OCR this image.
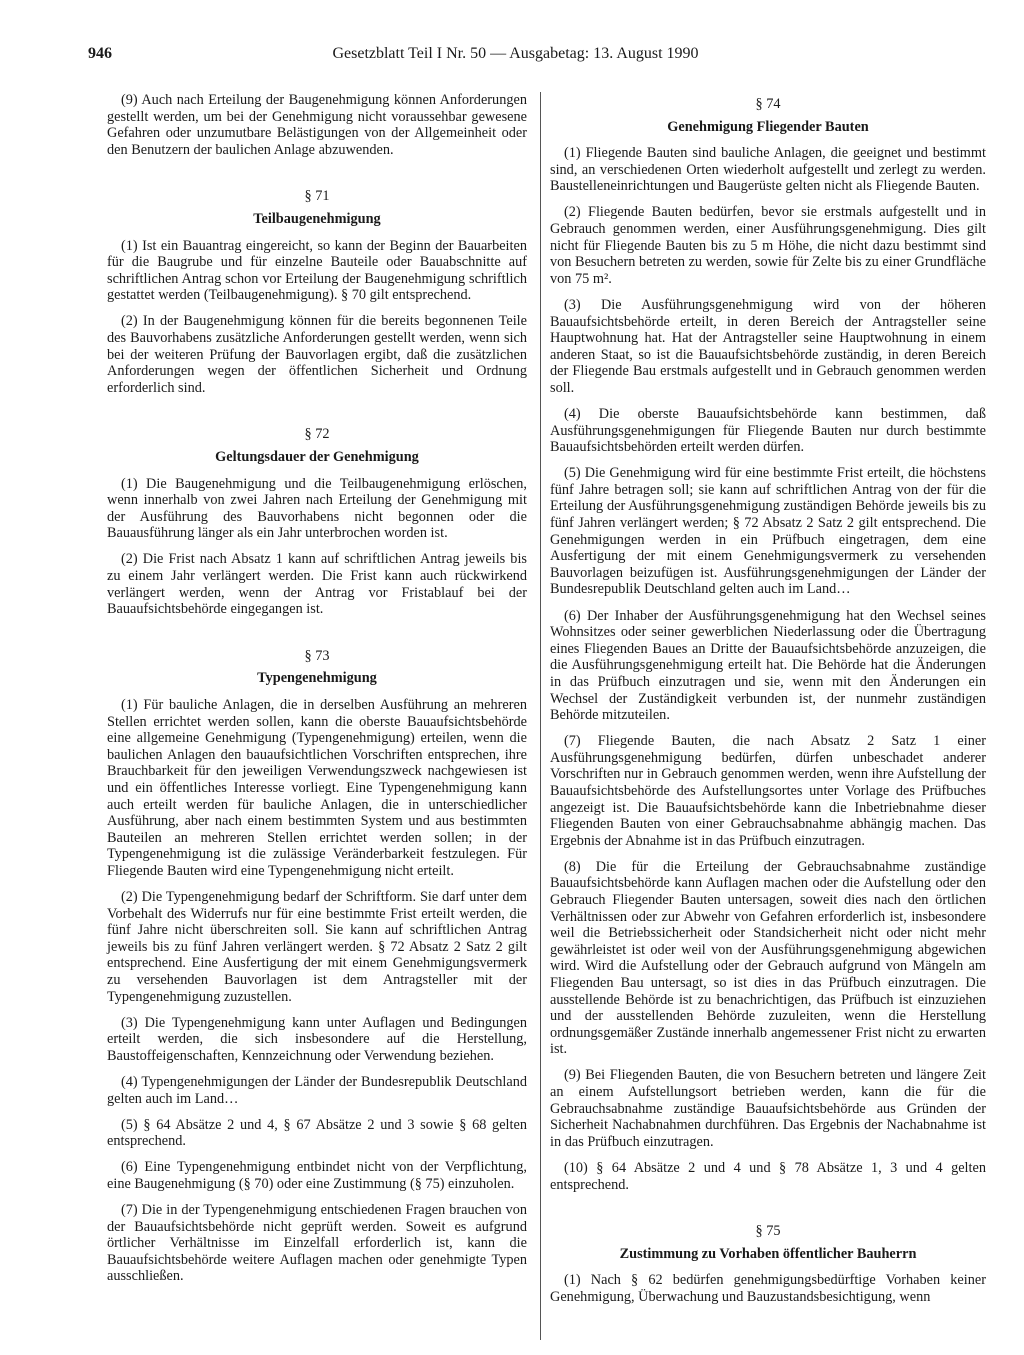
946	Gesetzblatt Teil I Nr. 50 — Ausgabetag: 13. August 1990

(9) Auch nach Erteilung der Baugenehmigung können Anforderungen gestellt werden, um bei der Genehmigung nicht voraussehbar gewesene Gefahren oder unzumutbare Belästigungen von der Allgemeinheit oder den Benutzern der baulichen Anlage abzuwenden.

§ 71
Teilbaugenehmigung

(1) Ist ein Bauantrag eingereicht, so kann der Beginn der Bauarbeiten für die Baugrube und für einzelne Bauteile oder Bauabschnitte auf schriftlichen Antrag schon vor Erteilung der Baugenehmigung schriftlich gestattet werden (Teilbaugenehmigung). § 70 gilt entsprechend.

(2) In der Baugenehmigung können für die bereits begonnenen Teile des Bauvorhabens zusätzliche Anforderungen gestellt werden, wenn sich bei der weiteren Prüfung der Bauvorlagen ergibt, daß die zusätzlichen Anforderungen wegen der öffentlichen Sicherheit und Ordnung erforderlich sind.

§ 72
Geltungsdauer der Genehmigung

(1) Die Baugenehmigung und die Teilbaugenehmigung erlöschen, wenn innerhalb von zwei Jahren nach Erteilung der Genehmigung mit der Ausführung des Bauvorhabens nicht begonnen oder die Bauausführung länger als ein Jahr unterbrochen worden ist.

(2) Die Frist nach Absatz 1 kann auf schriftlichen Antrag jeweils bis zu einem Jahr verlängert werden. Die Frist kann auch rückwirkend verlängert werden, wenn der Antrag vor Fristablauf bei der Bauaufsichtsbehörde eingegangen ist.

§ 73
Typengenehmigung

(1) Für bauliche Anlagen, die in derselben Ausführung an mehreren Stellen errichtet werden sollen, kann die oberste Bauaufsichtsbehörde eine allgemeine Genehmigung (Typengenehmigung) erteilen, wenn die baulichen Anlagen den bauaufsichtlichen Vorschriften entsprechen, ihre Brauchbarkeit für den jeweiligen Verwendungszweck nachgewiesen ist und ein öffentliches Interesse vorliegt. Eine Typengenehmigung kann auch erteilt werden für bauliche Anlagen, die in unterschiedlicher Ausführung, aber nach einem bestimmten System und aus bestimmten Bauteilen an mehreren Stellen errichtet werden sollen; in der Typengenehmigung ist die zulässige Veränderbarkeit festzulegen. Für Fliegende Bauten wird eine Typengenehmigung nicht erteilt.

(2) Die Typengenehmigung bedarf der Schriftform. Sie darf unter dem Vorbehalt des Widerrufs nur für eine bestimmte Frist erteilt werden, die fünf Jahre nicht überschreiten soll. Sie kann auf schriftlichen Antrag jeweils bis zu fünf Jahren verlängert werden. § 72 Absatz 2 Satz 2 gilt entsprechend. Eine Ausfertigung der mit einem Genehmigungsvermerk zu versehenden Bauvorlagen ist dem Antragsteller mit der Typengenehmigung zuzustellen.

(3) Die Typengenehmigung kann unter Auflagen und Bedingungen erteilt werden, die sich insbesondere auf die Herstellung, Baustoffeigenschaften, Kennzeichnung oder Verwendung beziehen.

(4) Typengenehmigungen der Länder der Bundesrepublik Deutschland gelten auch im Land…

(5) § 64 Absätze 2 und 4, § 67 Absätze 2 und 3 sowie § 68 gelten entsprechend.

(6) Eine Typengenehmigung entbindet nicht von der Verpflichtung, eine Baugenehmigung (§ 70) oder eine Zustimmung (§ 75) einzuholen.

(7) Die in der Typengenehmigung entschiedenen Fragen brauchen von der Bauaufsichtsbehörde nicht geprüft werden. Soweit es aufgrund örtlicher Verhältnisse im Einzelfall erforderlich ist, kann die Bauaufsichtsbehörde weitere Auflagen machen oder genehmigte Typen ausschließen.

§ 74
Genehmigung Fliegender Bauten

(1) Fliegende Bauten sind bauliche Anlagen, die geeignet und bestimmt sind, an verschiedenen Orten wiederholt aufgestellt und zerlegt zu werden. Baustelleneinrichtungen und Baugerüste gelten nicht als Fliegende Bauten.

(2) Fliegende Bauten bedürfen, bevor sie erstmals aufgestellt und in Gebrauch genommen werden, einer Ausführungsgenehmigung. Dies gilt nicht für Fliegende Bauten bis zu 5 m Höhe, die nicht dazu bestimmt sind von Besuchern betreten zu werden, sowie für Zelte bis zu einer Grundfläche von 75 m².

(3) Die Ausführungsgenehmigung wird von der höheren Bauaufsichtsbehörde erteilt, in deren Bereich der Antragsteller seine Hauptwohnung hat. Hat der Antragsteller seine Hauptwohnung in einem anderen Staat, so ist die Bauaufsichtsbehörde zuständig, in deren Bereich der Fliegende Bau erstmals aufgestellt und in Gebrauch genommen werden soll.

(4) Die oberste Bauaufsichtsbehörde kann bestimmen, daß Ausführungsgenehmigungen für Fliegende Bauten nur durch bestimmte Bauaufsichtsbehörden erteilt werden dürfen.

(5) Die Genehmigung wird für eine bestimmte Frist erteilt, die höchstens fünf Jahre betragen soll; sie kann auf schriftlichen Antrag von der für die Erteilung der Ausführungsgenehmigung zuständigen Behörde jeweils bis zu fünf Jahren verlängert werden; § 72 Absatz 2 Satz 2 gilt entsprechend. Die Genehmigungen werden in ein Prüfbuch eingetragen, dem eine Ausfertigung der mit einem Genehmigungsvermerk zu versehenden Bauvorlagen beizufügen ist. Ausführungsgenehmigungen der Länder der Bundesrepublik Deutschland gelten auch im Land…

(6) Der Inhaber der Ausführungsgenehmigung hat den Wechsel seines Wohnsitzes oder seiner gewerblichen Niederlassung oder die Übertragung eines Fliegenden Baues an Dritte der Bauaufsichtsbehörde anzuzeigen, die die Ausführungsgenehmigung erteilt hat. Die Behörde hat die Änderungen in das Prüfbuch einzutragen und sie, wenn mit den Änderungen ein Wechsel der Zuständigkeit verbunden ist, der nunmehr zuständigen Behörde mitzuteilen.

(7) Fliegende Bauten, die nach Absatz 2 Satz 1 einer Ausführungsgenehmigung bedürfen, dürfen unbeschadet anderer Vorschriften nur in Gebrauch genommen werden, wenn ihre Aufstellung der Bauaufsichtsbehörde des Aufstellungsortes unter Vorlage des Prüfbuches angezeigt ist. Die Bauaufsichtsbehörde kann die Inbetriebnahme dieser Fliegenden Bauten von einer Gebrauchsabnahme abhängig machen. Das Ergebnis der Abnahme ist in das Prüfbuch einzutragen.

(8) Die für die Erteilung der Gebrauchsabnahme zuständige Bauaufsichtsbehörde kann Auflagen machen oder die Aufstellung oder den Gebrauch Fliegender Bauten untersagen, soweit dies nach den örtlichen Verhältnissen oder zur Abwehr von Gefahren erforderlich ist, insbesondere weil die Betriebssicherheit oder Standsicherheit nicht oder nicht mehr gewährleistet ist oder weil von der Ausführungsgenehmigung abgewichen wird. Wird die Aufstellung oder der Gebrauch aufgrund von Mängeln am Fliegenden Bau untersagt, so ist dies in das Prüfbuch einzutragen. Die ausstellende Behörde ist zu benachrichtigen, das Prüfbuch ist einzuziehen und der ausstellenden Behörde zuzuleiten, wenn die Herstellung ordnungsgemäßer Zustände innerhalb angemessener Frist nicht zu erwarten ist.

(9) Bei Fliegenden Bauten, die von Besuchern betreten und längere Zeit an einem Aufstellungsort betrieben werden, kann die für die Gebrauchsabnahme zuständige Bauaufsichtsbehörde aus Gründen der Sicherheit Nachabnahmen durchführen. Das Ergebnis der Nachabnahme ist in das Prüfbuch einzutragen.

(10) § 64 Absätze 2 und 4 und § 78 Absätze 1, 3 und 4 gelten entsprechend.

§ 75
Zustimmung zu Vorhaben öffentlicher Bauherrn

(1) Nach § 62 bedürfen genehmigungsbedürftige Vorhaben keiner Genehmigung, Überwachung und Bauzustandsbesichtigung, wenn
